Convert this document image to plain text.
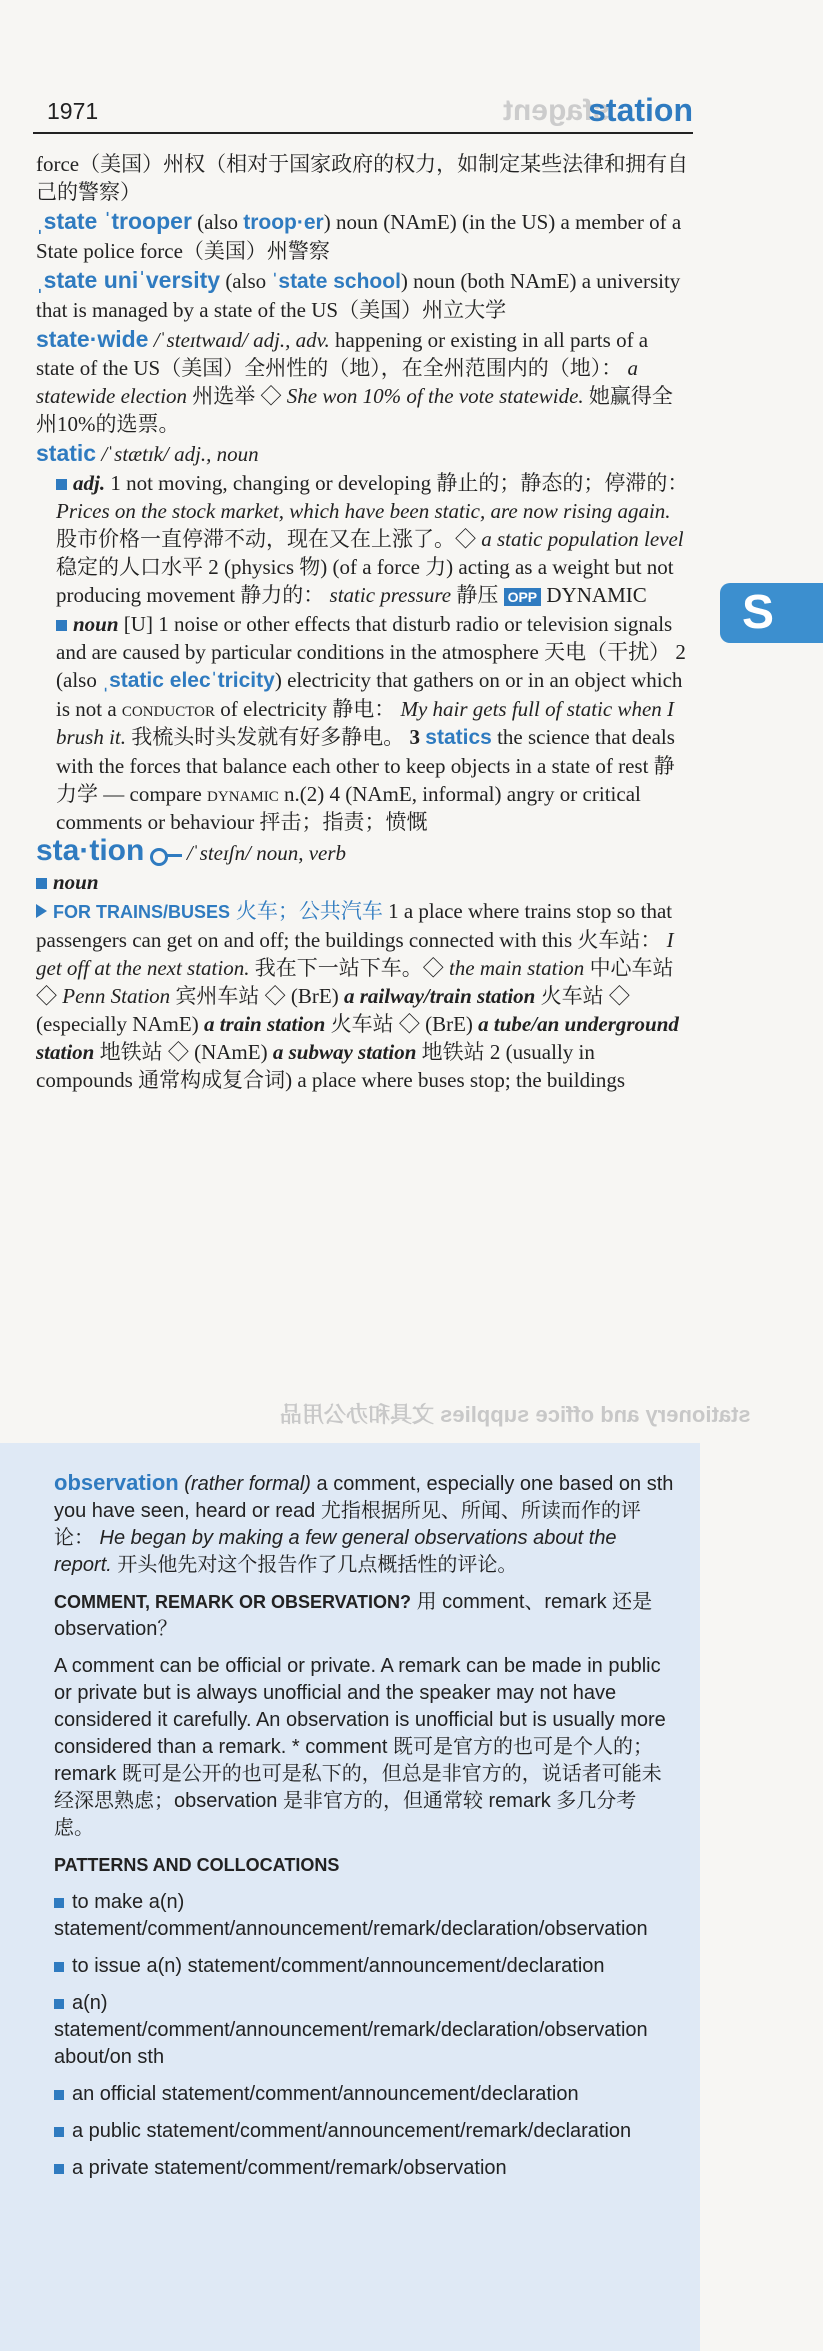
1971	sfagent
station
S

force（美国）州权（相对于国家政府的权力，如制定某些法律和拥有自己的警察）

ˌstate ˈtrooper (also troop·er) noun (NAmE) (in the US) a member of a State police force（美国）州警察

ˌstate uniˈversity (also ˈstate school) noun (both NAmE) a university that is managed by a state of the US（美国）州立大学

state·wide /ˈsteɪtwaɪd/ adj., adv. happening or existing in all parts of a state of the US（美国）全州性的（地），在全州范围内的（地）： a statewide election 州选举 ◇ She won 10% of the vote statewide. 她赢得全州10%的选票。

static /ˈstætɪk/ adj., noun

adj. 1 not moving, changing or developing 静止的；静态的；停滞的： Prices on the stock market, which have been static, are now rising again. 股市价格一直停滞不动，现在又在上涨了。◇ a static population level 稳定的人口水平 2 (physics 物) (of a force 力) acting as a weight but not producing movement 静力的： static pressure 静压 OPP DYNAMIC

noun [U] 1 noise or other effects that disturb radio or television signals and are caused by particular conditions in the atmosphere 天电（干扰） 2 (also ˌstatic elecˈtricity) electricity that gathers on or in an object which is not a conductor of electricity 静电： My hair gets full of static when I brush it. 我梳头时头发就有好多静电。 3 statics the science that deals with the forces that balance each other to keep objects in a state of rest 静力学 — compare dynamic n.(2) 4 (NAmE, informal) angry or critical comments or behaviour 抨击；指责；愤慨

sta·tion  /ˈsteɪʃn/ noun, verb

noun

FOR TRAINS/BUSES 火车；公共汽车 1 a place where trains stop so that passengers can get on and off; the buildings connected with this 火车站： I get off at the next station. 我在下一站下车。◇ the main station 中心车站 ◇ Penn Station 宾州车站 ◇ (BrE) a railway/train station 火车站 ◇ (especially NAmE) a train station 火车站 ◇ (BrE) a tube/an underground station 地铁站 ◇ (NAmE) a subway station 地铁站 2 (usually in compounds 通常构成复合词) a place where buses stop; the buildings

stationery and office supplies 文具和办公用品

observation (rather formal) a comment, especially one based on sth you have seen, heard or read 尤指根据所见、所闻、所读而作的评论： He began by making a few general observations about the report. 开头他先对这个报告作了几点概括性的评论。

COMMENT, REMARK OR OBSERVATION? 用 comment、remark 还是 observation？

A comment can be official or private. A remark can be made in public or private but is always unofficial and the speaker may not have considered it carefully. An observation is unofficial but is usually more considered than a remark. * comment 既可是官方的也可是个人的；remark 既可是公开的也可是私下的，但总是非官方的，说话者可能未经深思熟虑；observation 是非官方的，但通常较 remark 多几分考虑。

PATTERNS AND COLLOCATIONS

to make a(n) statement/comment/announcement/remark/declaration/observation
to issue a(n) statement/comment/announcement/declaration
a(n) statement/comment/announcement/remark/declaration/observation about/on sth
an official statement/comment/announcement/declaration
a public statement/comment/announcement/remark/declaration
a private statement/comment/remark/observation
